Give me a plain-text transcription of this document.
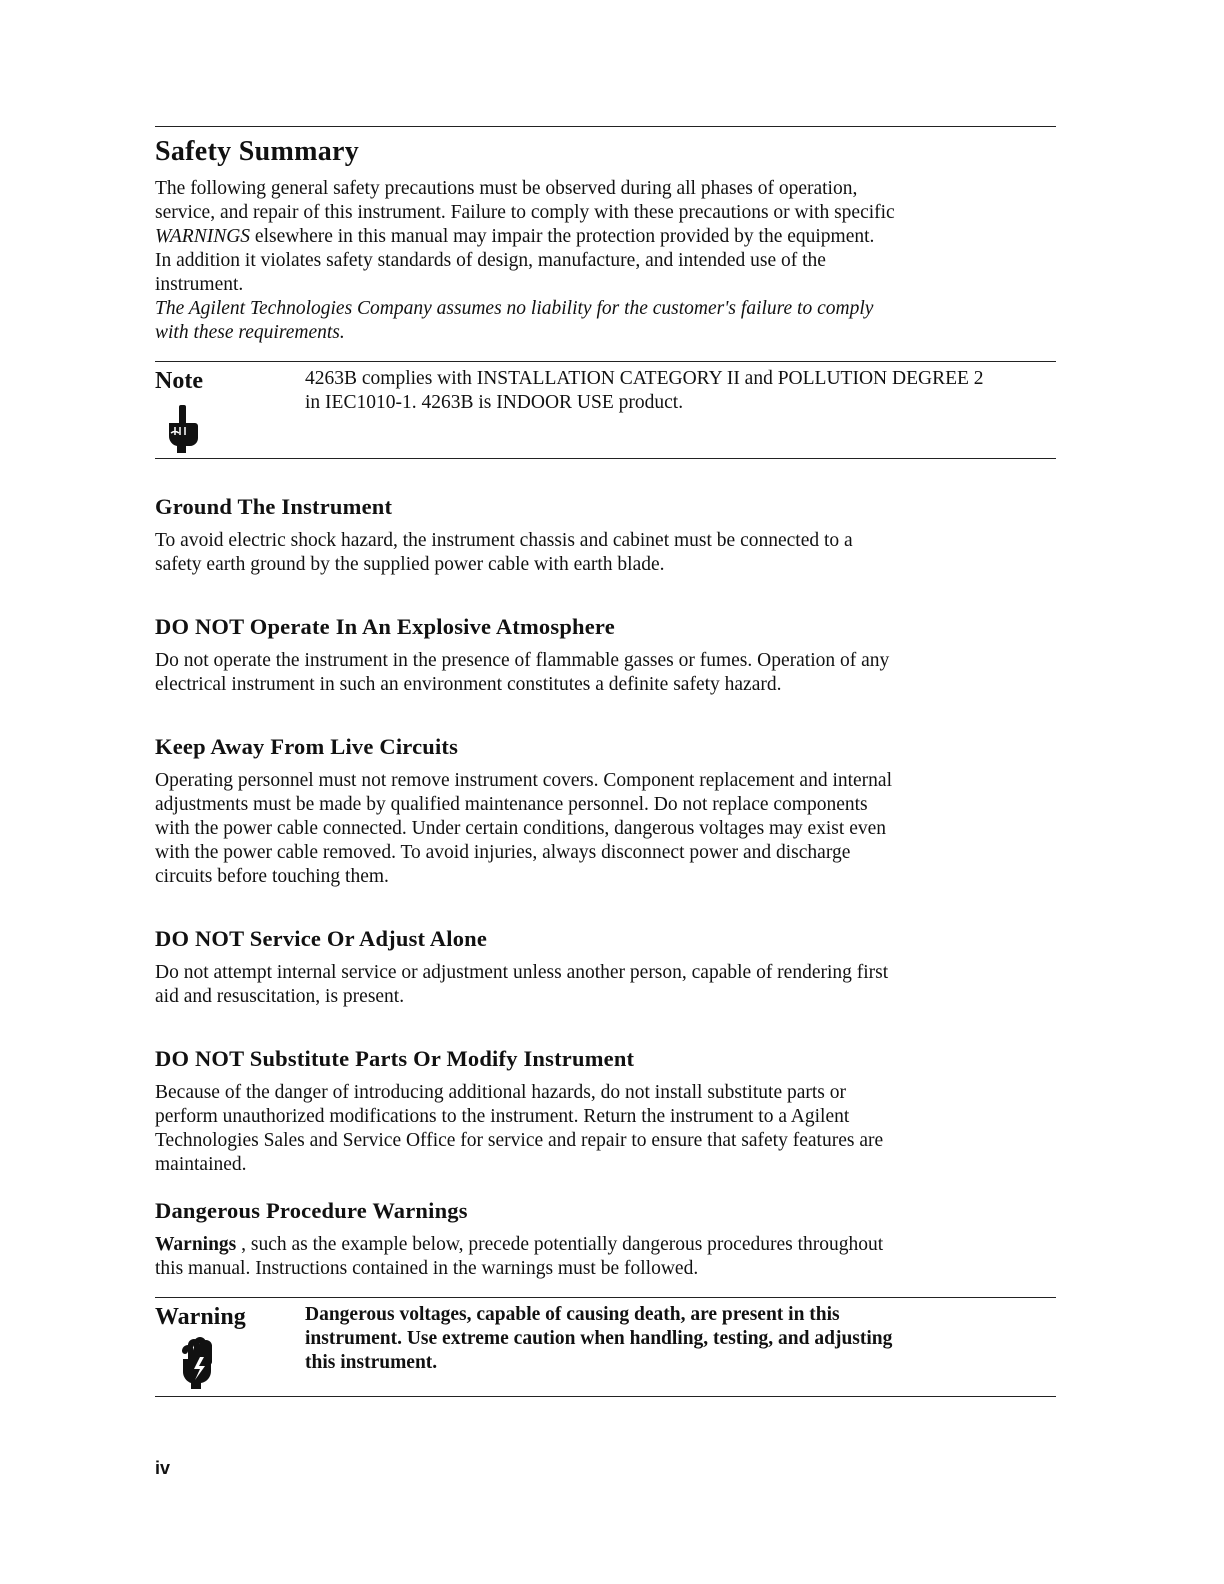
Safety Summary

The following general safety precautions must be observed during all phases of operation,

service, and repair of this instrument. Failure to comply with these precautions or with specific

WARNINGS elsewhere in this manual may impair the protection provided by the equipment.

In addition it violates safety standards of design, manufacture, and intended use of the

instrument.

The Agilent Technologies Company assumes no liability for the customer's failure to comply

with these requirements.

Note	4263B complies with INSTALLATION CATEGORY II and POLLUTION DEGREE 2
in IEC1010-1. 4263B is INDOOR USE product.
Ground The Instrument

To avoid electric shock hazard, the instrument chassis and cabinet must be connected to a

safety earth ground by the supplied power cable with earth blade.

DO NOT Operate In An Explosive Atmosphere

Do not operate the instrument in the presence of flammable gasses or fumes. Operation of any

electrical instrument in such an environment constitutes a definite safety hazard.

Keep Away From Live Circuits

Operating personnel must not remove instrument covers. Component replacement and internal

adjustments must be made by qualified maintenance personnel. Do not replace components

with the power cable connected. Under certain conditions, dangerous voltages may exist even

with the power cable removed. To avoid injuries, always disconnect power and discharge

circuits before touching them.

DO NOT Service Or Adjust Alone

Do not attempt internal service or adjustment unless another person, capable of rendering first

aid and resuscitation, is present.

DO NOT Substitute Parts Or Modify Instrument

Because of the danger of introducing additional hazards, do not install substitute parts or

perform unauthorized modifications to the instrument. Return the instrument to a Agilent

Technologies Sales and Service Office for service and repair to ensure that safety features are

maintained.

Dangerous Procedure Warnings

Warnings , such as the example below, precede potentially dangerous procedures throughout

this manual. Instructions contained in the warnings must be followed.

Warning	Dangerous voltages, capable of causing death, are present in this
instrument. Use extreme caution when handling, testing, and adjusting
this instrument.
iv
